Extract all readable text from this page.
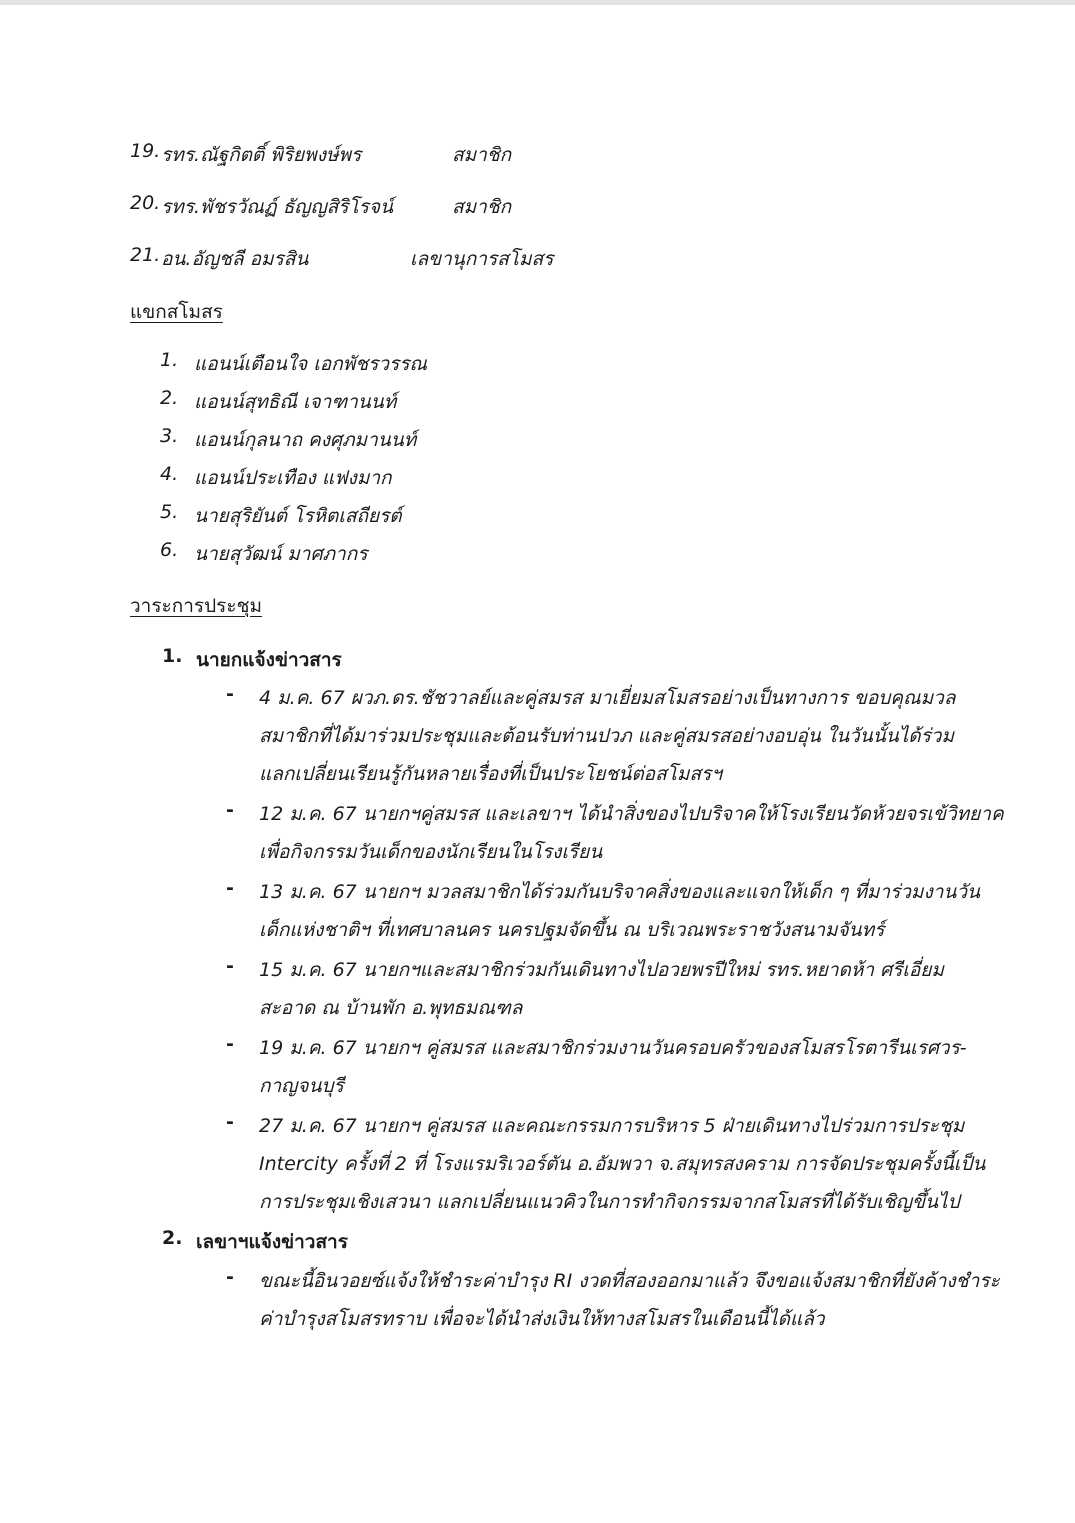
19. รทร.ณัฐกิตติ์ พิริยพงษ์พร	สมาชิก
20. รทร.พัชรวัณฏ์ ธัญญสิริโรจน์	สมาชิก
21. อน.อัญชลี อมรสิน	เลขานุการสโมสร
แขกสโมสร
1. แอนน์เตือนใจ เอกพัชรวรรณ
2. แอนน์สุทธิณี เจาฑานนท์
3. แอนน์กุลนาถ คงศุภมานนท์
4. แอนน์ประเทือง แฟงมาก
5. นายสุริยันต์ โรหิตเสถียรต์
6. นายสุวัฒน์ มาศภากร
วาระการประชุม
1. นายกแจ้งข่าวสาร
- 4 ม.ค. 67 ผวภ.ดร.ชัชวาลย์และคู่สมรส มาเยี่ยมสโมสรอย่างเป็นทางการ ขอบคุณมวล
สมาชิกที่ได้มาร่วมประชุมและต้อนรับท่านปวภ และคู่สมรสอย่างอบอุ่น ในวันนั้นได้ร่วม
แลกเปลี่ยนเรียนรู้กันหลายเรื่องที่เป็นประโยชน์ต่อสโมสรฯ
- 12 ม.ค. 67 นายกฯคู่สมรส และเลขาฯ ได้นำสิ่งของไปบริจาคให้โรงเรียนวัดห้วยจรเข้วิทยาค
เพื่อกิจกรรมวันเด็กของนักเรียนในโรงเรียน
- 13 ม.ค. 67 นายกฯ มวลสมาชิกได้ร่วมกันบริจาคสิ่งของและแจกให้เด็ก ๆ ที่มาร่วมงานวัน
เด็กแห่งชาติฯ ที่เทศบาลนคร นครปฐมจัดขึ้น ณ บริเวณพระราชวังสนามจันทร์
- 15 ม.ค. 67 นายกฯและสมาชิกร่วมกันเดินทางไปอวยพรปีใหม่ รทร.หยาดห้า ศรีเอี่ยม
สะอาด ณ บ้านพัก อ.พุทธมณฑล
- 19 ม.ค. 67 นายกฯ คู่สมรส และสมาชิกร่วมงานวันครอบครัวของสโมสรโรตารีนเรศวร-
กาญจนบุรี
- 27 ม.ค. 67 นายกฯ คู่สมรส และคณะกรรมการบริหาร 5 ฝ่ายเดินทางไปร่วมการประชุม
Intercity ครั้งที่ 2 ที่ โรงแรมริเวอร์ตัน อ.อัมพวา จ.สมุทรสงคราม การจัดประชุมครั้งนี้เป็น
การประชุมเชิงเสวนา แลกเปลี่ยนแนวคิวในการทำกิจกรรมจากสโมสรที่ได้รับเชิญขึ้นไป
2. เลขาฯแจ้งข่าวสาร
- ขณะนี้อินวอยซ์แจ้งให้ชำระค่าบำรุง RI งวดที่สองออกมาแล้ว จึงขอแจ้งสมาชิกที่ยังค้างชำระ
ค่าบำรุงสโมสรทราบ เพื่อจะได้นำส่งเงินให้ทางสโมสรในเดือนนี้ได้แล้ว
